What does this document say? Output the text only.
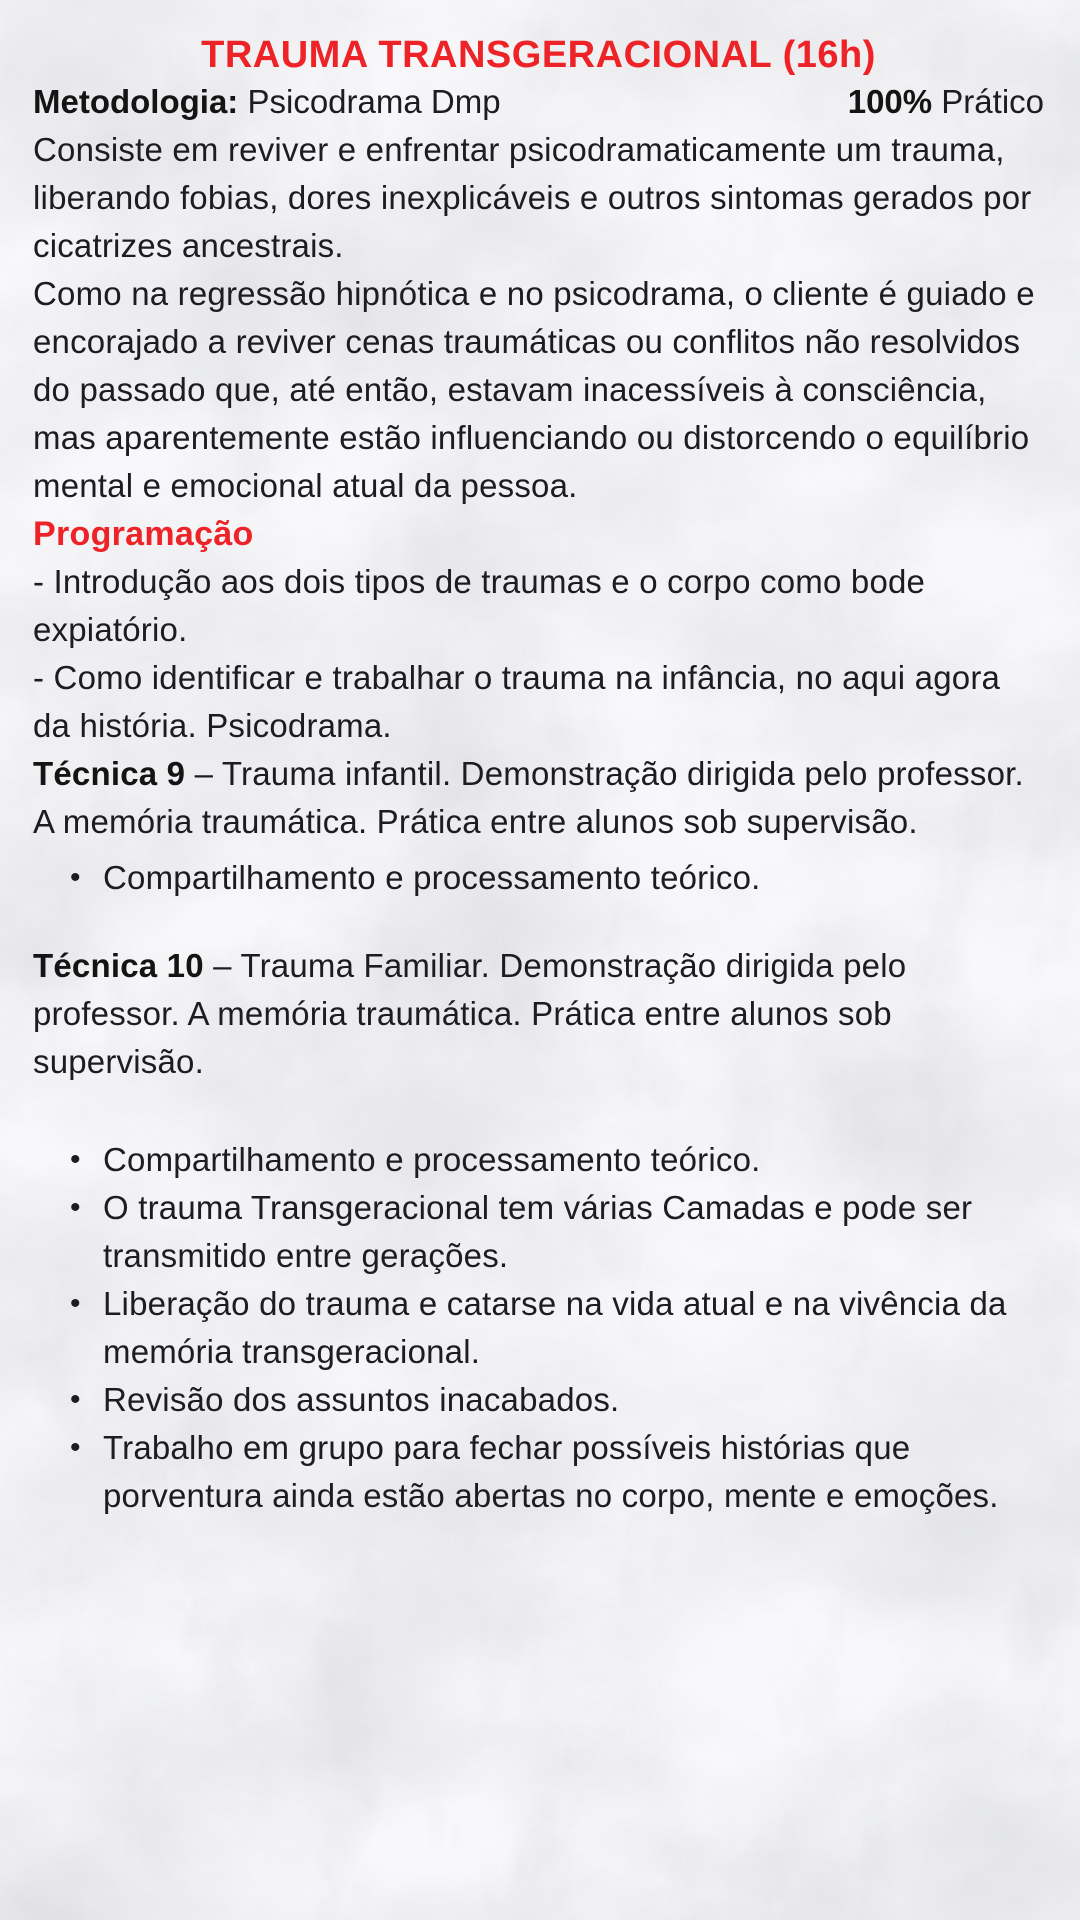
TRAUMA TRANSGERACIONAL (16h)
Metodologia: Psicodrama Dmp	100% Prático

Consiste em reviver e enfrentar psicodramaticamente um trauma, liberando fobias, dores inexplicáveis e outros sintomas gerados por cicatrizes ancestrais.

Como na regressão hipnótica e no psicodrama, o cliente é guiado e encorajado a reviver cenas traumáticas ou conflitos não resolvidos do passado que, até então, estavam inacessíveis à consciência, mas aparentemente estão influenciando ou distorcendo o equilíbrio mental e emocional atual da pessoa.

Programação
- Introdução aos dois tipos de traumas e o corpo como bode expiatório.
- Como identificar e trabalhar o trauma na infância, no aqui agora da história. Psicodrama.

Técnica 9 – Trauma infantil. Demonstração dirigida pelo professor. A memória traumática. Prática entre alunos sob supervisão.

• Compartilhamento e processamento teórico.

Técnica 10 – Trauma Familiar. Demonstração dirigida pelo professor. A memória traumática. Prática entre alunos sob supervisão.

• Compartilhamento e processamento teórico.
• O trauma Transgeracional tem várias Camadas e pode ser transmitido entre gerações.
• Liberação do trauma e catarse na vida atual e na vivência da memória transgeracional.
• Revisão dos assuntos inacabados.
• Trabalho em grupo para fechar possíveis histórias que porventura ainda estão abertas no corpo, mente e emoções.
